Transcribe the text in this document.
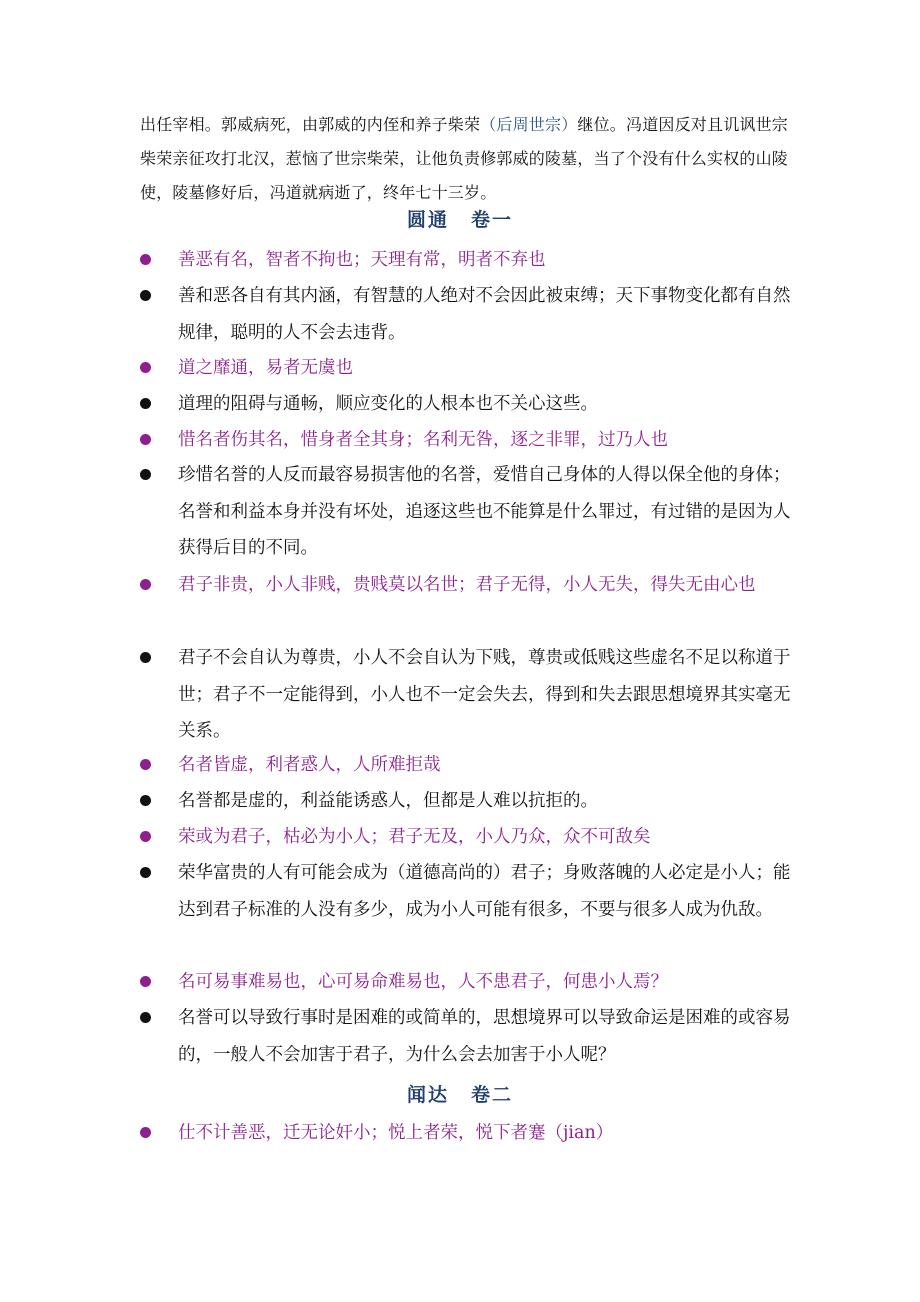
出任宰相。郭威病死，由郭威的内侄和养子柴荣（后周世宗）继位。冯道因反对且讥讽世宗柴荣亲征攻打北汉，惹恼了世宗柴荣，让他负责修郭威的陵墓，当了个没有什么实权的山陵使，陵墓修好后，冯道就病逝了，终年七十三岁。
圆通 卷一
善恶有名，智者不拘也；天理有常，明者不弃也
善和恶各自有其内涵，有智慧的人绝对不会因此被束缚；天下事物变化都有自然规律，聪明的人不会去违背。
道之靡通，易者无虞也
道理的阻碍与通畅，顺应变化的人根本也不关心这些。
惜名者伤其名，惜身者全其身；名利无咎，逐之非罪，过乃人也
珍惜名誉的人反而最容易损害他的名誉，爱惜自己身体的人得以保全他的身体；名誉和利益本身并没有坏处，追逐这些也不能算是什么罪过，有过错的是因为人获得后目的不同。
君子非贵，小人非贱，贵贱莫以名世；君子无得，小人无失，得失无由心也
君子不会自认为尊贵，小人不会自认为下贱，尊贵或低贱这些虚名不足以称道于世；君子不一定能得到，小人也不一定会失去，得到和失去跟思想境界其实毫无关系。
名者皆虚，利者惑人，人所难拒哉
名誉都是虚的，利益能诱惑人，但都是人难以抗拒的。
荣或为君子，枯必为小人；君子无及，小人乃众，众不可敌矣
荣华富贵的人有可能会成为（道德高尚的）君子；身败落魄的人必定是小人；能达到君子标准的人没有多少，成为小人可能有很多，不要与很多人成为仇敌。
名可易事难易也，心可易命难易也，人不患君子，何患小人焉？
名誉可以导致行事时是困难的或简单的，思想境界可以导致命运是困难的或容易的，一般人不会加害于君子，为什么会去加害于小人呢？
闻达 卷二
仕不计善恶，迁无论奸小；悦上者荣，悦下者蹇（jian）
